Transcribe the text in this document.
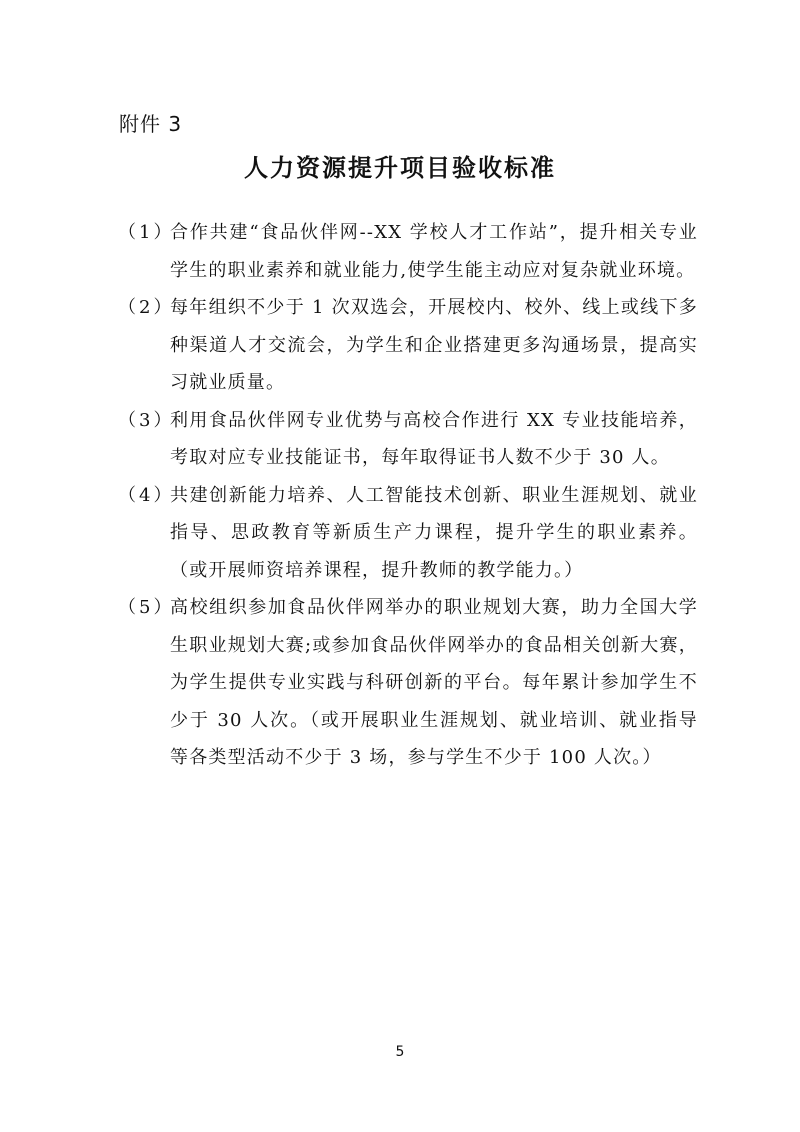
附件 3
人力资源提升项目验收标准
（1）
合作共建“食品伙伴网--XX 学校人才工作站”，提升相关专业学生的职业素养和就业能力,使学生能主动应对复杂就业环境。
（2）
每年组织不少于 1 次双选会，开展校内、校外、线上或线下多种渠道人才交流会，为学生和企业搭建更多沟通场景，提高实习就业质量。
（3）
利用食品伙伴网专业优势与高校合作进行 XX 专业技能培养，考取对应专业技能证书，每年取得证书人数不少于 30 人。
（4）
共建创新能力培养、人工智能技术创新、职业生涯规划、就业指导、思政教育等新质生产力课程，提升学生的职业素养。（或开展师资培养课程，提升教师的教学能力。）
（5）
高校组织参加食品伙伴网举办的职业规划大赛，助力全国大学生职业规划大赛;或参加食品伙伴网举办的食品相关创新大赛，为学生提供专业实践与科研创新的平台。每年累计参加学生不少于 30 人次。（或开展职业生涯规划、就业培训、就业指导等各类型活动不少于 3 场，参与学生不少于 100 人次。）
5
